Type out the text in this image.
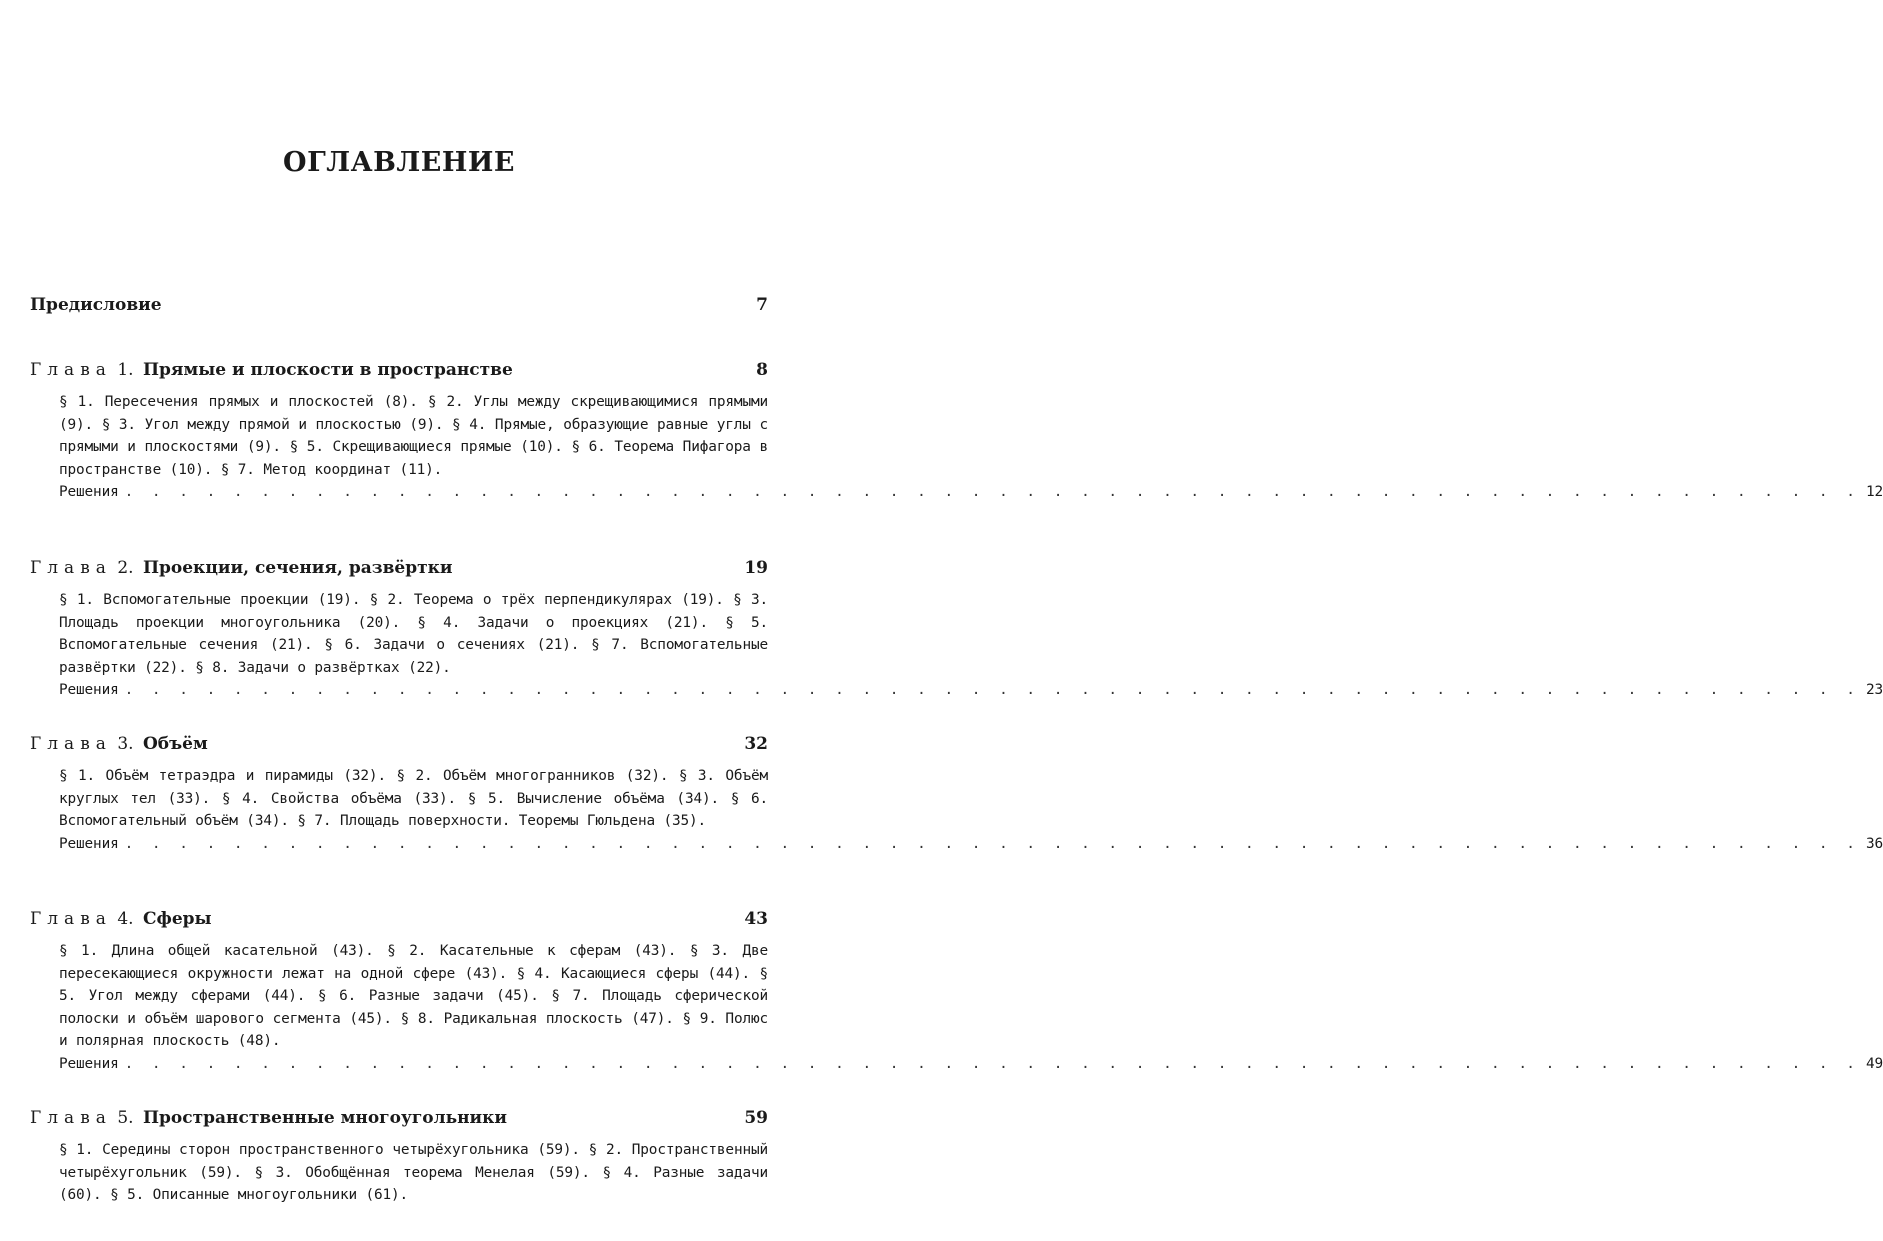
ОГЛАВЛЕНИЕ
Предисловие	7
Глава 1. Прямые и плоскости в пространстве	8
§ 1. Пересечения прямых и плоскостей (8). § 2. Углы между скрещивающимися прямыми (9). § 3. Угол между прямой и плоскостью (9). § 4. Прямые, образующие равные углы с прямыми и плоскостями (9). § 5. Скрещивающиеся прямые (10). § 6. Теорема Пифагора в пространстве (10). § 7. Метод координат (11).
Решения . . . . . . . . . . . . . . . . . . . . . . . . . . . . . . . . . . . . . . . . . . . . . . . . . . . . . . . . . . . . . . . . 12
Глава 2. Проекции, сечения, развёртки	19
§ 1. Вспомогательные проекции (19). § 2. Теорема о трёх перпендикулярах (19). § 3. Площадь проекции многоугольника (20). § 4. Задачи о проекциях (21). § 5. Вспомогательные сечения (21). § 6. Задачи о сечениях (21). § 7. Вспомогательные развёртки (22). § 8. Задачи о развёртках (22).
Решения . . . . . . . . . . . . . . . . . . . . . . . . . . . . . . . . . . . . . . . . . . . . . . . . . . . . . . . . . . . . . . . . 23
Глава 3. Объём	32
§ 1. Объём тетраэдра и пирамиды (32). § 2. Объём многогранников (32). § 3. Объём круглых тел (33). § 4. Свойства объёма (33). § 5. Вычисление объёма (34). § 6. Вспомогательный объём (34). § 7. Площадь поверхности. Теоремы Гюльдена (35).
Решения . . . . . . . . . . . . . . . . . . . . . . . . . . . . . . . . . . . . . . . . . . . . . . . . . . . . . . . . . . . . . . . . 36
Глава 4. Сферы	43
§ 1. Длина общей касательной (43). § 2. Касательные к сферам (43). § 3. Две пересекающиеся окружности лежат на одной сфере (43). § 4. Касающиеся сферы (44). § 5. Угол между сферами (44). § 6. Разные задачи (45). § 7. Площадь сферической полоски и объём шарового сегмента (45). § 8. Радикальная плоскость (47). § 9. Полюс и полярная плоскость (48).
Решения . . . . . . . . . . . . . . . . . . . . . . . . . . . . . . . . . . . . . . . . . . . . . . . . . . . . . . . . . . . . . . . . 49
Глава 5. Пространственные многоугольники	59
§ 1. Середины сторон пространственного четырёхугольника (59). § 2. Пространственный четырёхугольник (59). § 3. Обобщённая теорема Менелая (59). § 4. Разные задачи (60). § 5. Описанные многоугольники (61).
